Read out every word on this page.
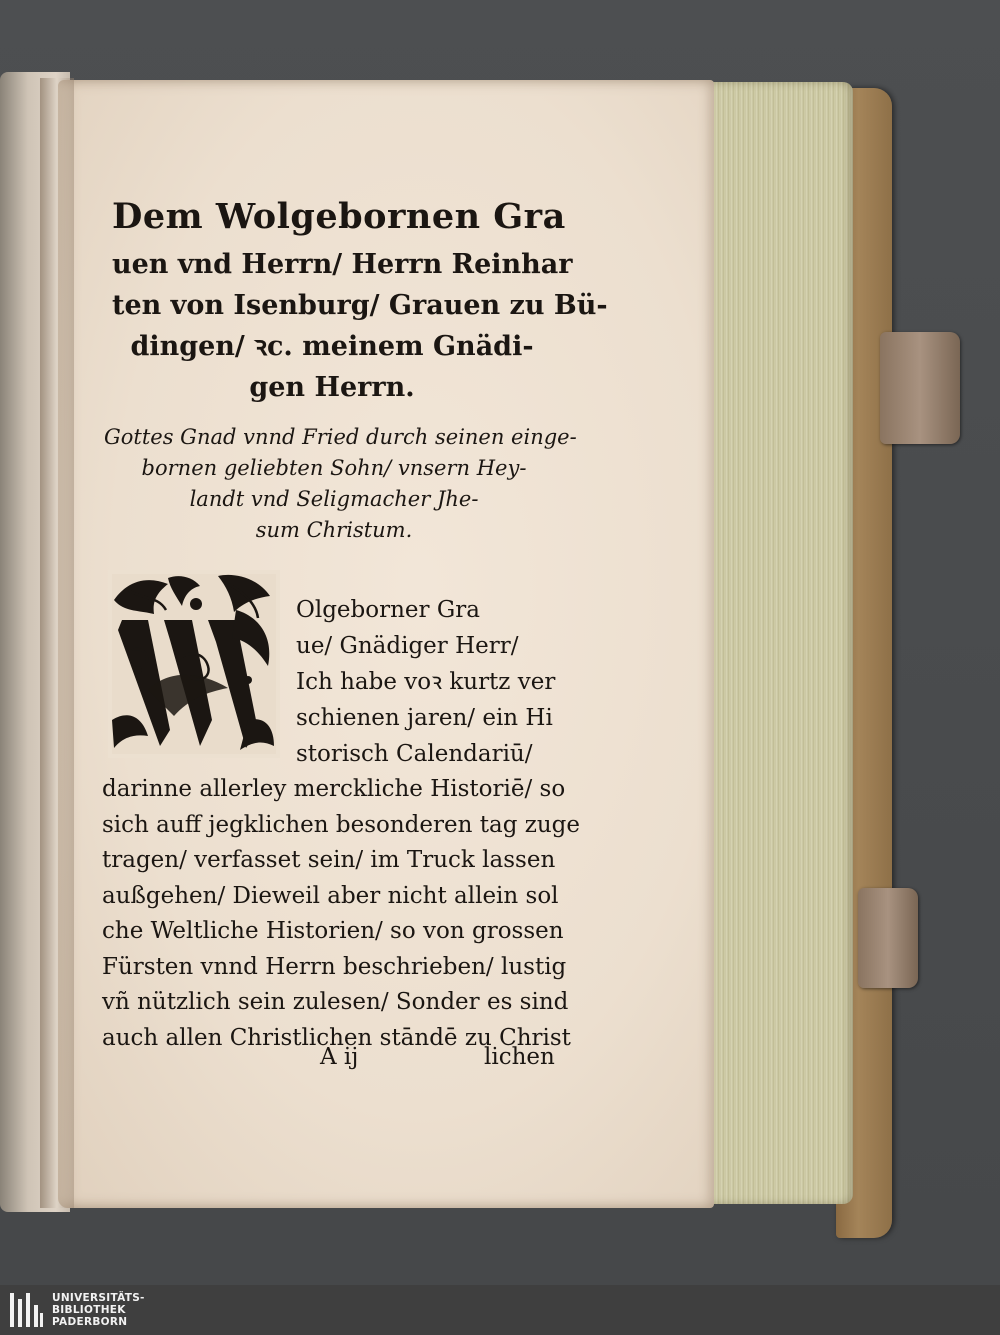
Dem Wolgebornen Gra
uen vnd Herrn/ Herrn Reinhar
ten von Isenburg/ Grauen zu Bü-
dingen/ ꝛc. meinem Gnädi-
gen Herrn.
Gottes Gnad vnnd Fried durch seinen einge-
bornen geliebten Sohn/ vnsern Hey-
landt vnd Seligmacher Jhe-
sum Christum.
Olgeborner Gra
ue/ Gnädiger Herr/
Ich habe voꝛ kurtz ver
schienen jaren/ ein Hi
storisch Calendariū/
darinne allerley merckliche Historiē/ so
sich auff jegklichen besonderen tag zuge
tragen/ verfasset sein/ im Truck lassen
außgehen/ Dieweil aber nicht allein sol
che Weltliche Historien/ so von grossen
Fürsten vnnd Herrn beschrieben/ lustig
vñ nützlich sein zulesen/ Sonder es sind
auch allen Christlichen stāndē zu Christ
A ij	lichen
UNIVERSITÄTS-
BIBLIOTHEK
PADERBORN
